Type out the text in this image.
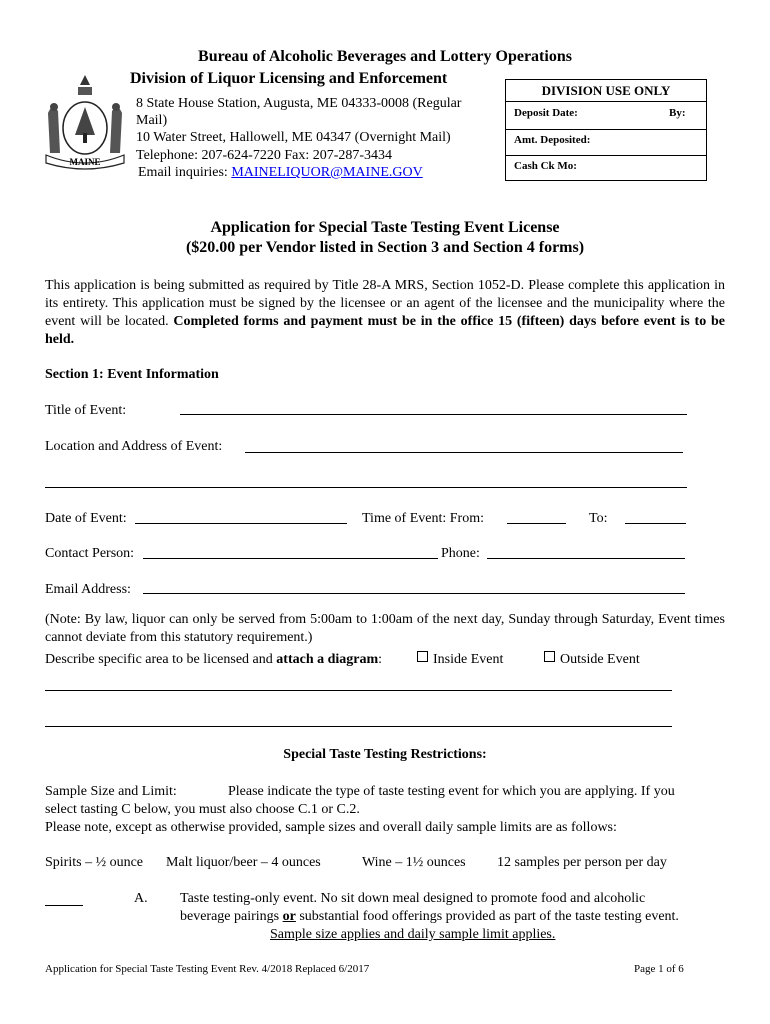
Bureau of Alcoholic Beverages and Lottery Operations
Division of Liquor Licensing and Enforcement
MAINE
8 State House Station, Augusta, ME 04333-0008 (Regular
Mail)
10 Water Street, Hallowell, ME 04347 (Overnight Mail)
Telephone: 207-624-7220 Fax: 207-287-3434
Email inquiries: MAINELIQUOR@MAINE.GOV
DIVISION USE ONLY
Deposit Date:	By:
Amt. Deposited:
Cash Ck Mo:
Application for Special Taste Testing Event License
($20.00 per Vendor listed in Section 3 and Section 4 forms)
This application is being submitted as required by Title 28-A MRS, Section 1052-D. Please complete this application in its entirety. This application must be signed by the licensee or an agent of the licensee and the municipality where the event will be located. Completed forms and payment must be in the office 15 (fifteen) days before event is to be held.
Section 1: Event Information
Title of Event:
Location and Address of Event:
Date of Event:	Time of Event: From:	To:
Contact Person:	Phone:
Email Address:
(Note: By law, liquor can only be served from 5:00am to 1:00am of the next day, Sunday through Saturday, Event times cannot deviate from this statutory requirement.)
Describe specific area to be licensed and attach a diagram:	Inside Event	Outside Event
Special Taste Testing Restrictions:
Sample Size and Limit:	Please indicate the type of taste testing event for which you are applying. If you
select tasting C below, you must also choose C.1 or C.2.
Please note, except as otherwise provided, sample sizes and overall daily sample limits are as follows:
Spirits – ½ ounce Malt liquor/beer – 4 ounces	Wine – 1½ ounces 12 samples per person per day
A. Taste testing-only event. No sit down meal designed to promote food and alcoholic
beverage pairings or substantial food offerings provided as part of the taste testing event.
Sample size applies and daily sample limit applies.
Application for Special Taste Testing Event Rev. 4/2018 Replaced 6/2017	Page 1 of 6
